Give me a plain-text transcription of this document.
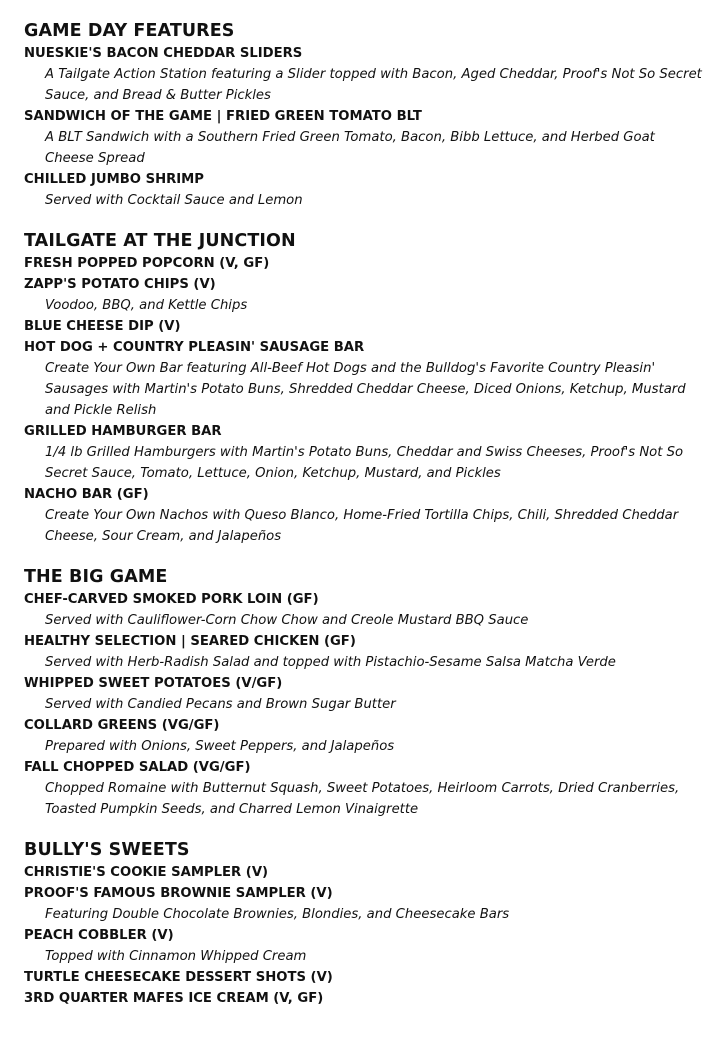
GAME DAY FEATURES
NUESKIE'S BACON CHEDDAR SLIDERS
A Tailgate Action Station featuring a Slider topped with Bacon, Aged Cheddar, Proof's Not So Secret Sauce, and Bread & Butter Pickles
SANDWICH OF THE GAME | FRIED GREEN TOMATO BLT
A BLT Sandwich with a Southern Fried Green Tomato, Bacon, Bibb Lettuce, and Herbed Goat Cheese Spread
CHILLED JUMBO SHRIMP
Served with Cocktail Sauce and Lemon
TAILGATE AT THE JUNCTION
FRESH POPPED POPCORN (V, GF)
ZAPP'S POTATO CHIPS (V)
Voodoo, BBQ, and Kettle Chips
BLUE CHEESE DIP (V)
HOT DOG + COUNTRY PLEASIN' SAUSAGE BAR
Create Your Own Bar featuring All-Beef Hot Dogs and the Bulldog's Favorite Country Pleasin' Sausages with Martin's Potato Buns, Shredded Cheddar Cheese, Diced Onions, Ketchup, Mustard and Pickle Relish
GRILLED HAMBURGER BAR
1/4 lb Grilled Hamburgers with Martin's Potato Buns, Cheddar and Swiss Cheeses, Proof's Not So Secret Sauce, Tomato, Lettuce, Onion, Ketchup, Mustard, and Pickles
NACHO BAR (GF)
Create Your Own Nachos with Queso Blanco, Home-Fried Tortilla Chips, Chili, Shredded Cheddar Cheese, Sour Cream, and Jalapeños
THE BIG GAME
CHEF-CARVED SMOKED PORK LOIN (GF)
Served with Cauliflower-Corn Chow Chow and Creole Mustard BBQ Sauce
HEALTHY SELECTION | SEARED CHICKEN (GF)
Served with Herb-Radish Salad and topped with Pistachio-Sesame Salsa Matcha Verde
WHIPPED SWEET POTATOES (V/GF)
Served with Candied Pecans and Brown Sugar Butter
COLLARD GREENS (VG/GF)
Prepared with Onions, Sweet Peppers, and Jalapeños
FALL CHOPPED SALAD (VG/GF)
Chopped Romaine with Butternut Squash, Sweet Potatoes, Heirloom Carrots, Dried Cranberries, Toasted Pumpkin Seeds, and Charred Lemon Vinaigrette
BULLY'S SWEETS
CHRISTIE'S COOKIE SAMPLER (V)
PROOF'S FAMOUS BROWNIE SAMPLER (V)
Featuring Double Chocolate Brownies, Blondies, and Cheesecake Bars
PEACH COBBLER (V)
Topped with Cinnamon Whipped Cream
TURTLE CHEESECAKE DESSERT SHOTS (V)
3RD QUARTER MAFES ICE CREAM (V, GF)
